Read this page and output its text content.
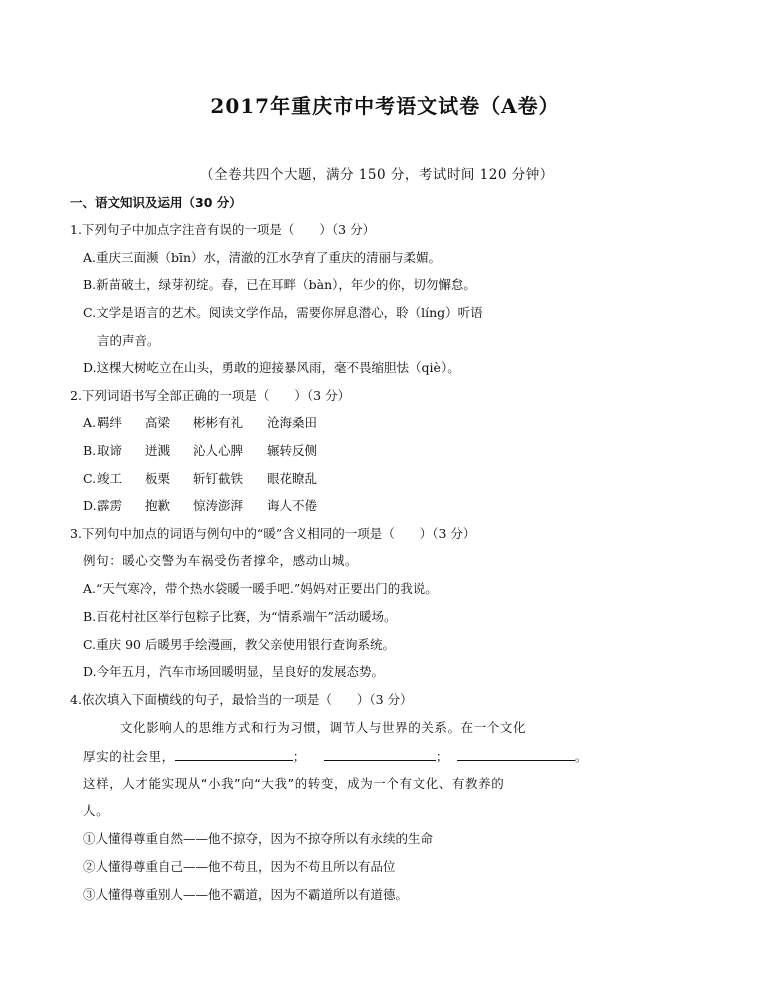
2017年重庆市中考语文试卷（A卷）
（全卷共四个大题，满分 150 分，考试时间 120 分钟）
一、语文知识及运用（30 分）
1.下列句子中加点字注音有误的一项是（　　）（3 分）
A.重庆三面濒（bīn）水，清澈的江水孕育了重庆的清丽与柔媚。
B.新苗破土，绿芽初绽。春，已在耳畔（bàn），年少的你，切勿懈怠。
C.文学是语言的艺术。阅读文学作品，需要你屏息潜心，聆（líng）听语
言的声音。
D.这棵大树屹立在山头，勇敢的迎接暴风雨，毫不畏缩胆怯（qiè）。
2.下列词语书写全部正确的一项是（　　）（3 分）
A. 羁绊 高梁 彬彬有礼 沧海桑田
B. 取谛 迸溅 沁人心脾 辗转反侧
C. 竣工 板栗 斩钉截铁 眼花瞭乱
D. 霹雳 抱歉 惊涛澎湃 诲人不倦
3.下列句中加点的词语与例句中的“暖”含义相同的一项是（　　）（3 分）
例句：暖心交警为车祸受伤者撑伞，感动山城。
A.“天气寒冷，带个热水袋暖一暖手吧.”妈妈对正要出门的我说。
B.百花村社区举行包粽子比赛，为“情系端午”活动暖场。
C.重庆 90 后暖男手绘漫画，教父亲使用银行查询系统。
D.今年五月，汽车市场回暖明显，呈良好的发展态势。
4.依次填入下面横线的句子，最恰当的一项是（　　）（3 分）
文化影响人的思维方式和行为习惯，调节人与世界的关系。在一个文化
厚实的社会里，	；	；	。
这样，人才能实现从“小我”向“大我”的转变，成为一个有文化、有教养的
人。
①人懂得尊重自然——他不掠夺，因为不掠夺所以有永续的生命
②人懂得尊重自己——他不苟且，因为不苟且所以有品位
③人懂得尊重别人——他不霸道，因为不霸道所以有道德。
